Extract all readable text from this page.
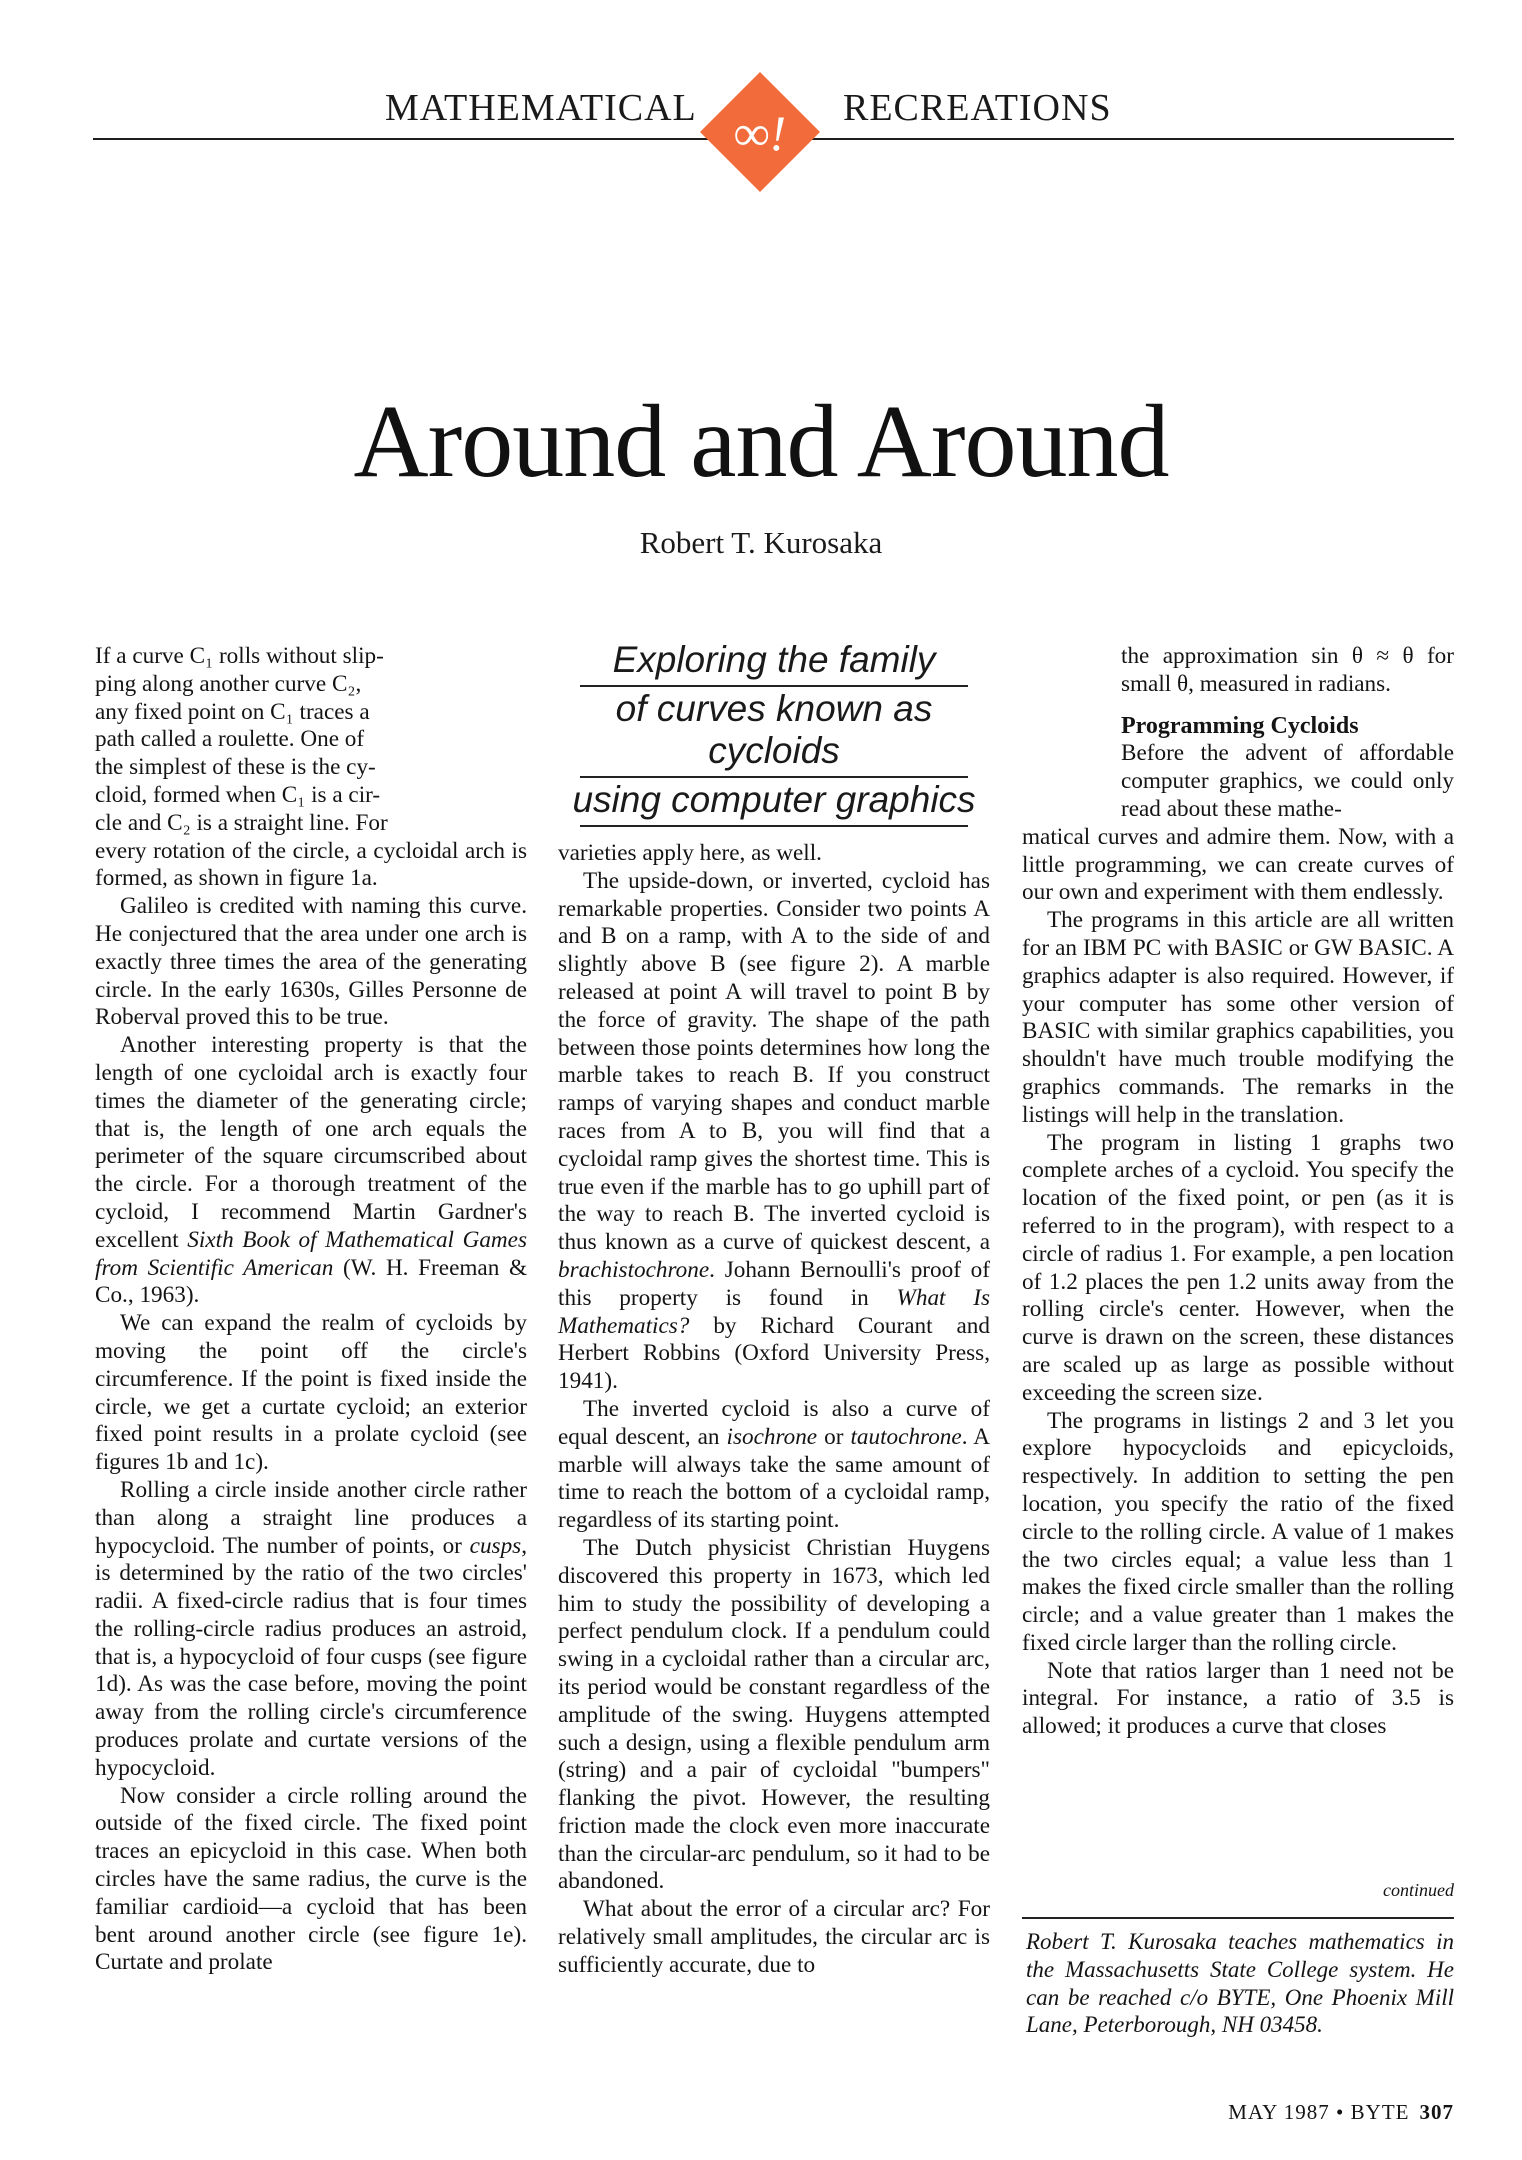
MATHEMATICAL	RECREATIONS
∞!
Around and Around
Robert T. Kurosaka
Exploring the family
of curves known as cycloids
using computer graphics

If a curve C₁ rolls without slip-
ping along another curve C₂,
any fixed point on C₁ traces a
path called a roulette. One of
the simplest of these is the cy-
cloid, formed when C₁ is a cir-
cle and C₂ is a straight line. For
every rotation of the circle, a cycloidal arch is formed, as shown in figure 1a.

Galileo is credited with naming this curve. He conjectured that the area under one arch is exactly three times the area of the generating circle. In the early 1630s, Gilles Personne de Roberval proved this to be true.

Another interesting property is that the length of one cycloidal arch is exactly four times the diameter of the generating circle; that is, the length of one arch equals the perimeter of the square circumscribed about the circle. For a thorough treatment of the cycloid, I recommend Martin Gardner's excellent Sixth Book of Mathematical Games from Scientific American (W. H. Freeman & Co., 1963).

We can expand the realm of cycloids by moving the point off the circle's circumference. If the point is fixed inside the circle, we get a curtate cycloid; an exterior fixed point results in a prolate cycloid (see figures 1b and 1c).

Rolling a circle inside another circle rather than along a straight line produces a hypocycloid. The number of points, or cusps, is determined by the ratio of the two circles' radii. A fixed-circle radius that is four times the rolling-circle radius produces an astroid, that is, a hypocycloid of four cusps (see figure 1d). As was the case before, moving the point away from the rolling circle's circumference produces prolate and curtate versions of the hypocycloid.

Now consider a circle rolling around the outside of the fixed circle. The fixed point traces an epicycloid in this case. When both circles have the same radius, the curve is the familiar cardioid—a cycloid that has been bent around another circle (see figure 1e). Curtate and prolate

varieties apply here, as well.

The upside-down, or inverted, cycloid has remarkable properties. Consider two points A and B on a ramp, with A to the side of and slightly above B (see figure 2). A marble released at point A will travel to point B by the force of gravity. The shape of the path between those points determines how long the marble takes to reach B. If you construct ramps of varying shapes and conduct marble races from A to B, you will find that a cycloidal ramp gives the shortest time. This is true even if the marble has to go uphill part of the way to reach B. The inverted cycloid is thus known as a curve of quickest descent, a brachistochrone. Johann Bernoulli's proof of this property is found in What Is Mathematics? by Richard Courant and Herbert Robbins (Oxford University Press, 1941).

The inverted cycloid is also a curve of equal descent, an isochrone or tautochrone. A marble will always take the same amount of time to reach the bottom of a cycloidal ramp, regardless of its starting point.

The Dutch physicist Christian Huygens discovered this property in 1673, which led him to study the possibility of developing a perfect pendulum clock. If a pendulum could swing in a cycloidal rather than a circular arc, its period would be constant regardless of the amplitude of the swing. Huygens attempted such a design, using a flexible pendulum arm (string) and a pair of cycloidal "bumpers" flanking the pivot. However, the resulting friction made the clock even more inaccurate than the circular-arc pendulum, so it had to be abandoned.

What about the error of a circular arc? For relatively small amplitudes, the circular arc is sufficiently accurate, due to

the approximation sin θ ≈ θ for small θ, measured in radians.

Programming Cycloids

Before the advent of affordable computer graphics, we could only read about these mathe-

matical curves and admire them. Now, with a little programming, we can create curves of our own and experiment with them endlessly.

The programs in this article are all written for an IBM PC with BASIC or GW BASIC. A graphics adapter is also required. However, if your computer has some other version of BASIC with similar graphics capabilities, you shouldn't have much trouble modifying the graphics commands. The remarks in the listings will help in the translation.

The program in listing 1 graphs two complete arches of a cycloid. You specify the location of the fixed point, or pen (as it is referred to in the program), with respect to a circle of radius 1. For example, a pen location of 1.2 places the pen 1.2 units away from the rolling circle's center. However, when the curve is drawn on the screen, these distances are scaled up as large as possible without exceeding the screen size.

The programs in listings 2 and 3 let you explore hypocycloids and epicycloids, respectively. In addition to setting the pen location, you specify the ratio of the fixed circle to the rolling circle. A value of 1 makes the two circles equal; a value less than 1 makes the fixed circle smaller than the rolling circle; and a value greater than 1 makes the fixed circle larger than the rolling circle.

Note that ratios larger than 1 need not be integral. For instance, a ratio of 3.5 is allowed; it produces a curve that closes

continued
Robert T. Kurosaka teaches mathematics in the Massachusetts State College system. He can be reached c/o BYTE, One Phoenix Mill Lane, Peterborough, NH 03458.
MAY 1987 • BYTE 307
